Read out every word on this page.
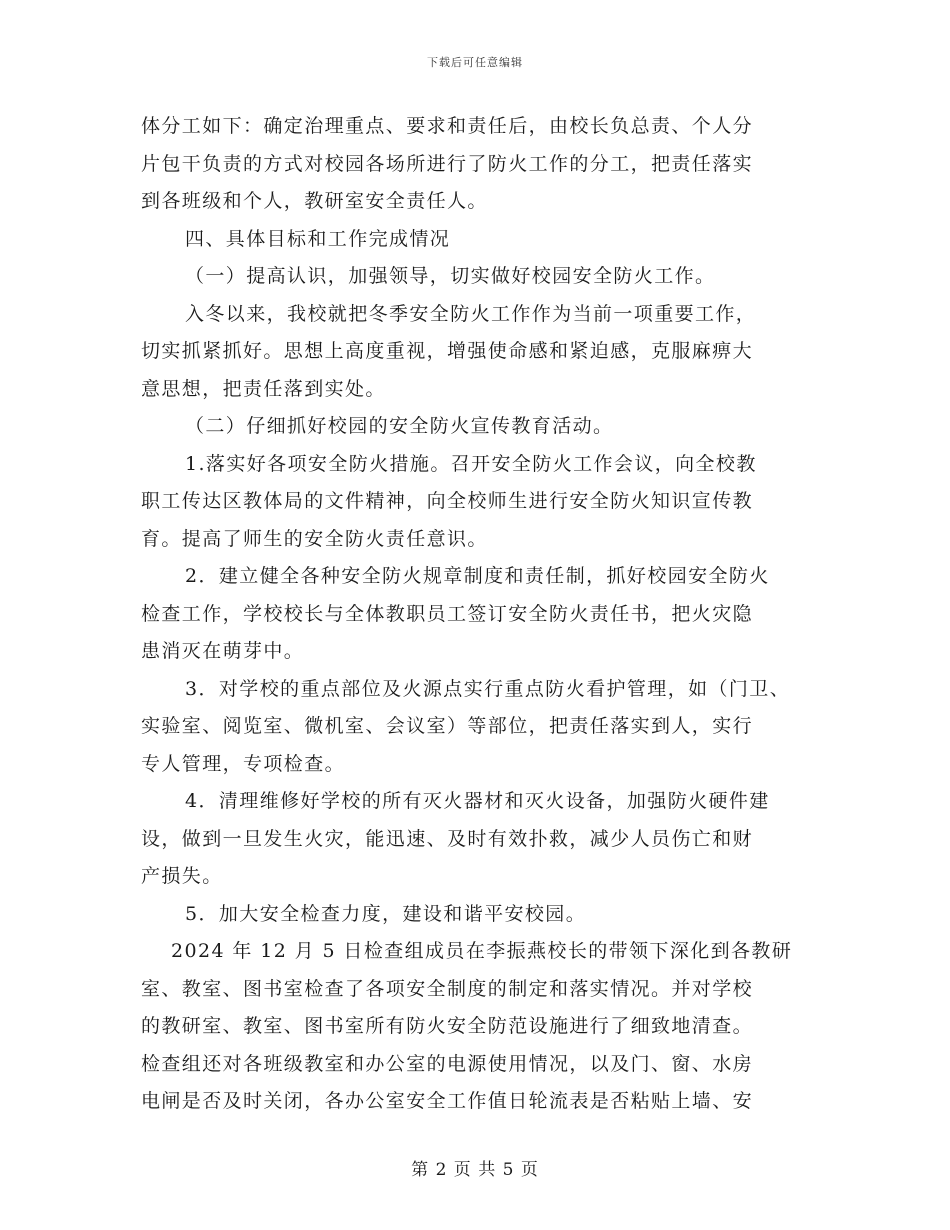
下载后可任意编辑
体分工如下：确定治理重点、要求和责任后，由校长负总责、个人分
片包干负责的方式对校园各场所进行了防火工作的分工，把责任落实
到各班级和个人，教研室安全责任人。
四、具体目标和工作完成情况
（一）提高认识，加强领导，切实做好校园安全防火工作。
入冬以来，我校就把冬季安全防火工作作为当前一项重要工作，
切实抓紧抓好。思想上高度重视，增强使命感和紧迫感，克服麻痹大
意思想，把责任落到实处。
（二）仔细抓好校园的安全防火宣传教育活动。
1.落实好各项安全防火措施。召开安全防火工作会议，向全校教
职工传达区教体局的文件精神，向全校师生进行安全防火知识宣传教
育。提高了师生的安全防火责任意识。
2．建立健全各种安全防火规章制度和责任制，抓好校园安全防火
检查工作，学校校长与全体教职员工签订安全防火责任书，把火灾隐
患消灭在萌芽中。
3．对学校的重点部位及火源点实行重点防火看护管理，如（门卫、
实验室、阅览室、微机室、会议室）等部位，把责任落实到人，实行
专人管理，专项检查。
4．清理维修好学校的所有灭火器材和灭火设备，加强防火硬件建
设，做到一旦发生火灾，能迅速、及时有效扑救，减少人员伤亡和财
产损失。
5．加大安全检查力度，建设和谐平安校园。
2024 年 12 月 5 日检查组成员在李振燕校长的带领下深化到各教研
室、教室、图书室检查了各项安全制度的制定和落实情况。并对学校
的教研室、教室、图书室所有防火安全防范设施进行了细致地清查。
检查组还对各班级教室和办公室的电源使用情况，以及门、窗、水房
电闸是否及时关闭，各办公室安全工作值日轮流表是否粘贴上墙、安
第 2 页 共 5 页
